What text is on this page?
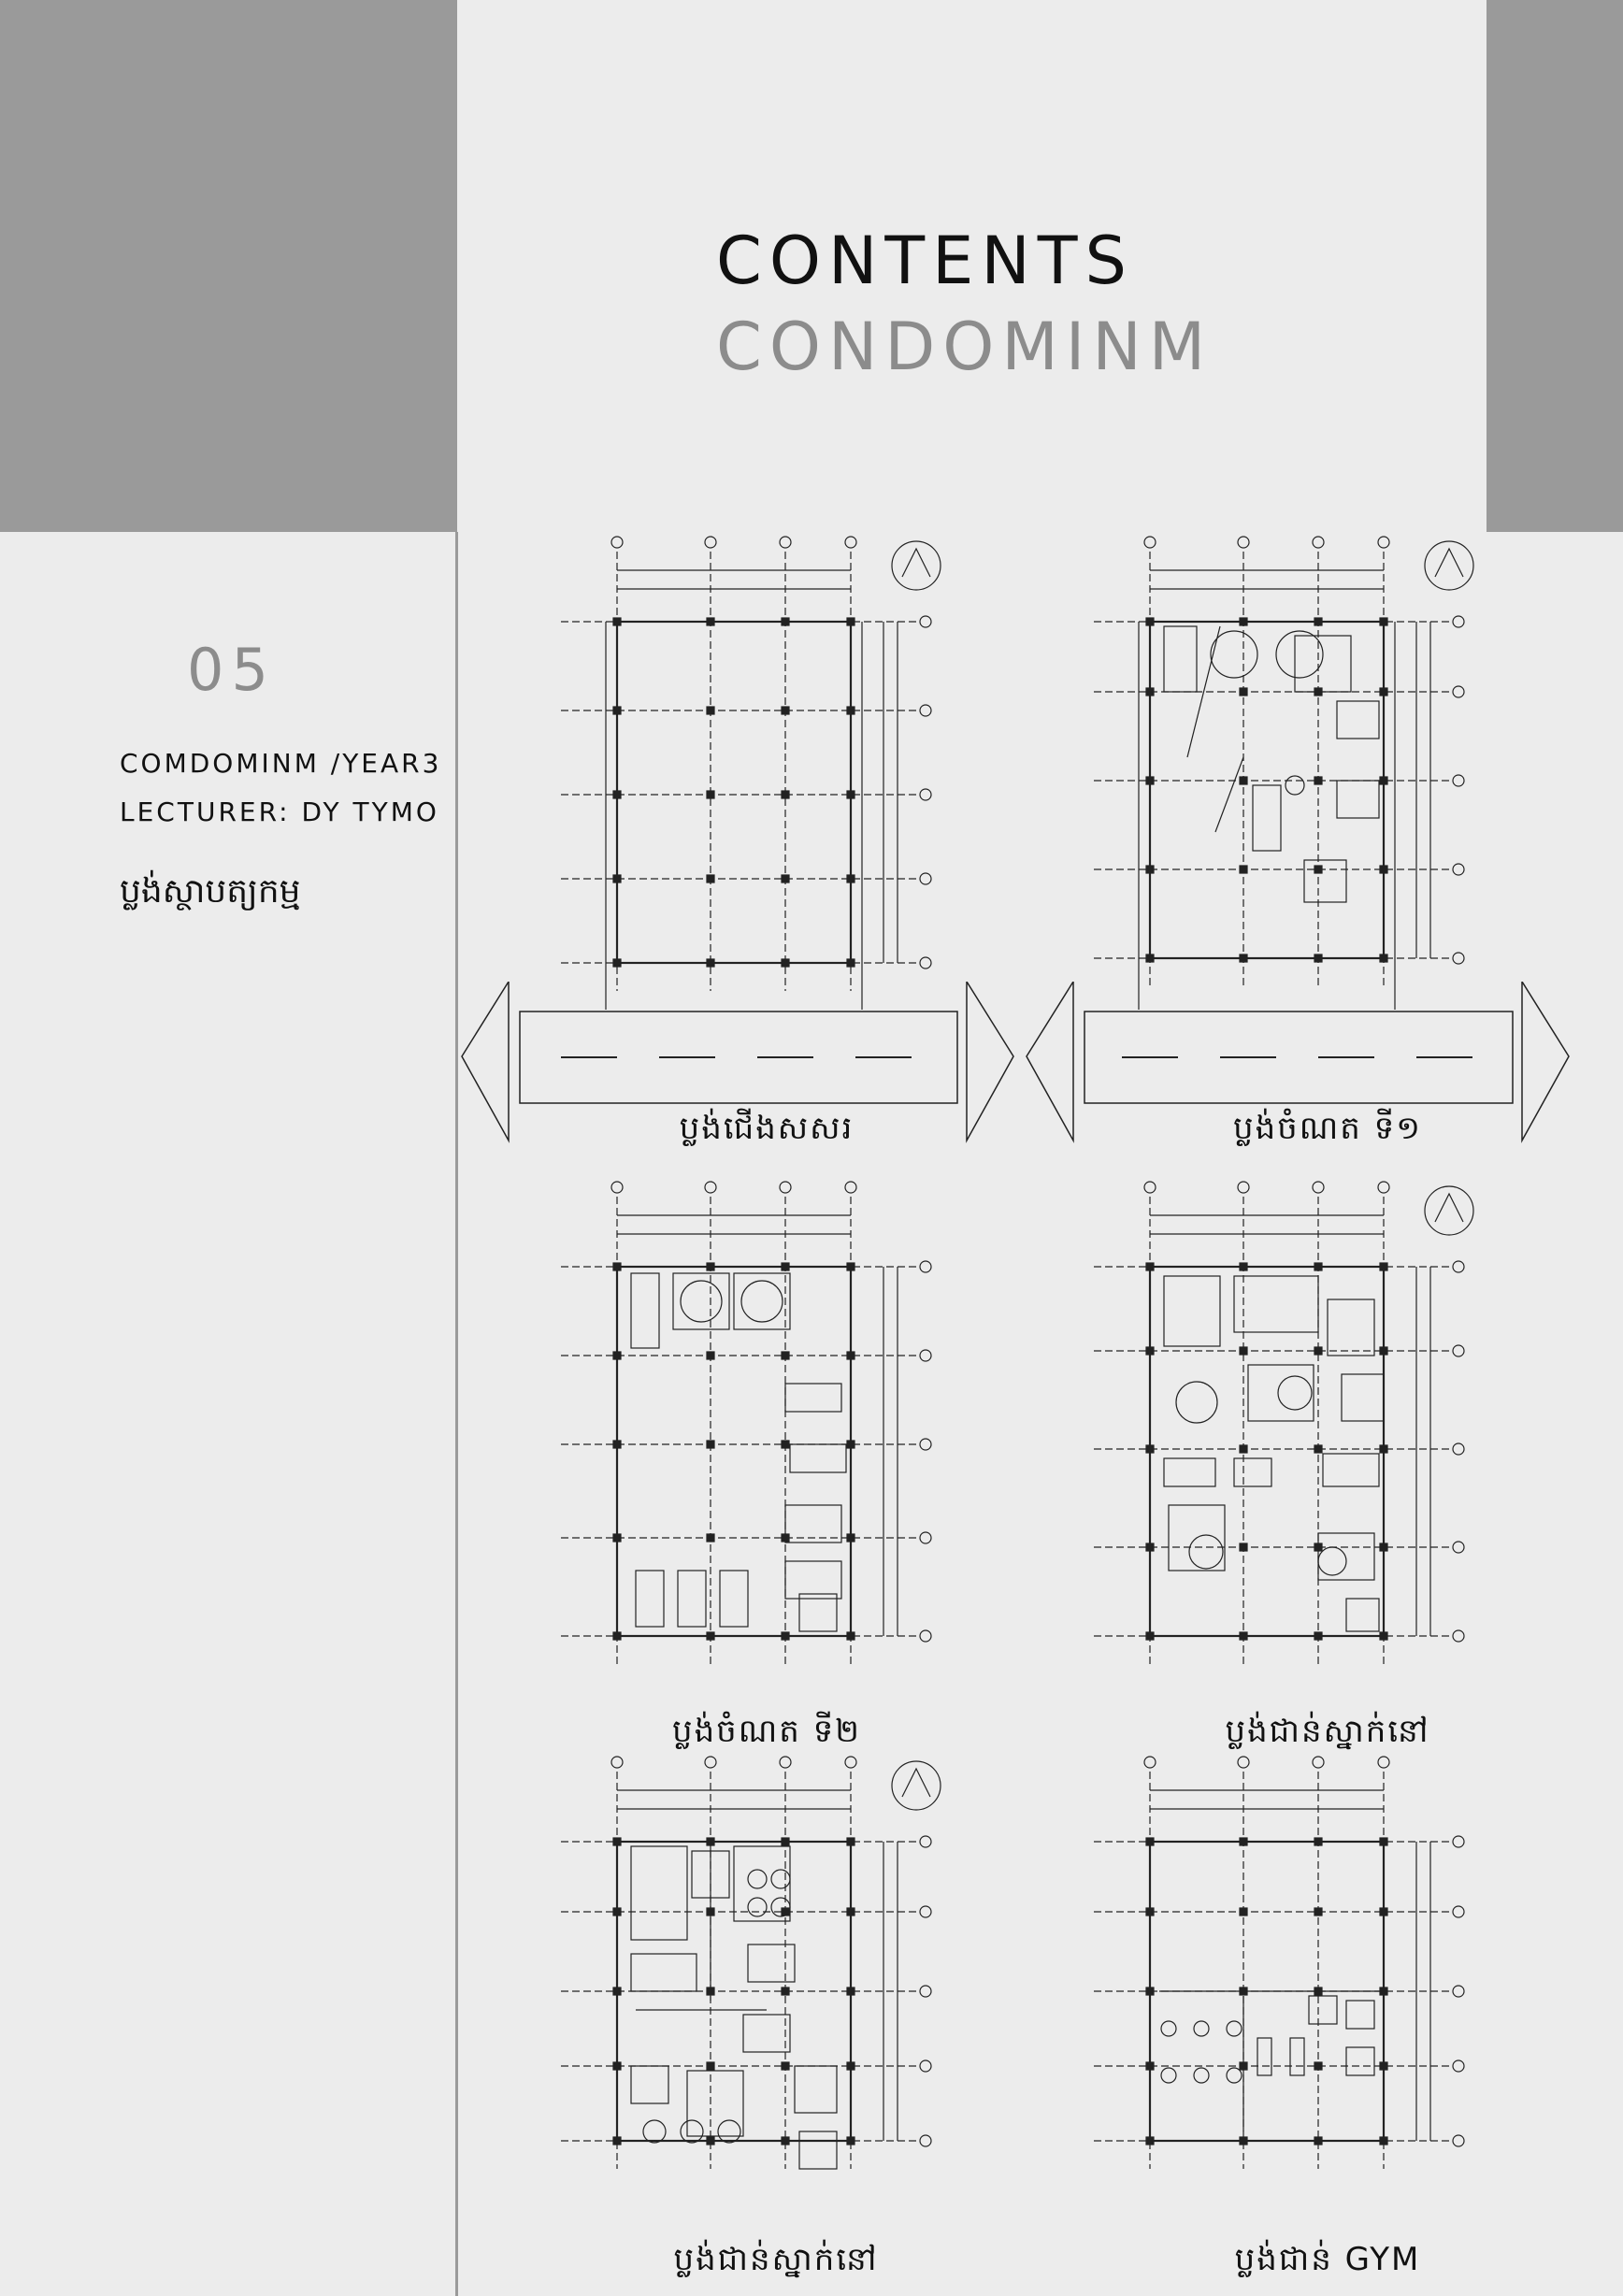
CONTENTS
CONDOMINM
05
COMDOMINM /YEAR3
LECTURER: DY TYMO
ប្លង់ស្ថាបត្យកម្ម
ប្លង់ជើងសសរ	ប្លង់ចំណត ទី១
ប្លង់ចំណត ទី២	ប្លង់ជាន់ស្នាក់នៅ
ប្លង់ជាន់ស្នាក់នៅ	ប្លង់ជាន់ GYM
